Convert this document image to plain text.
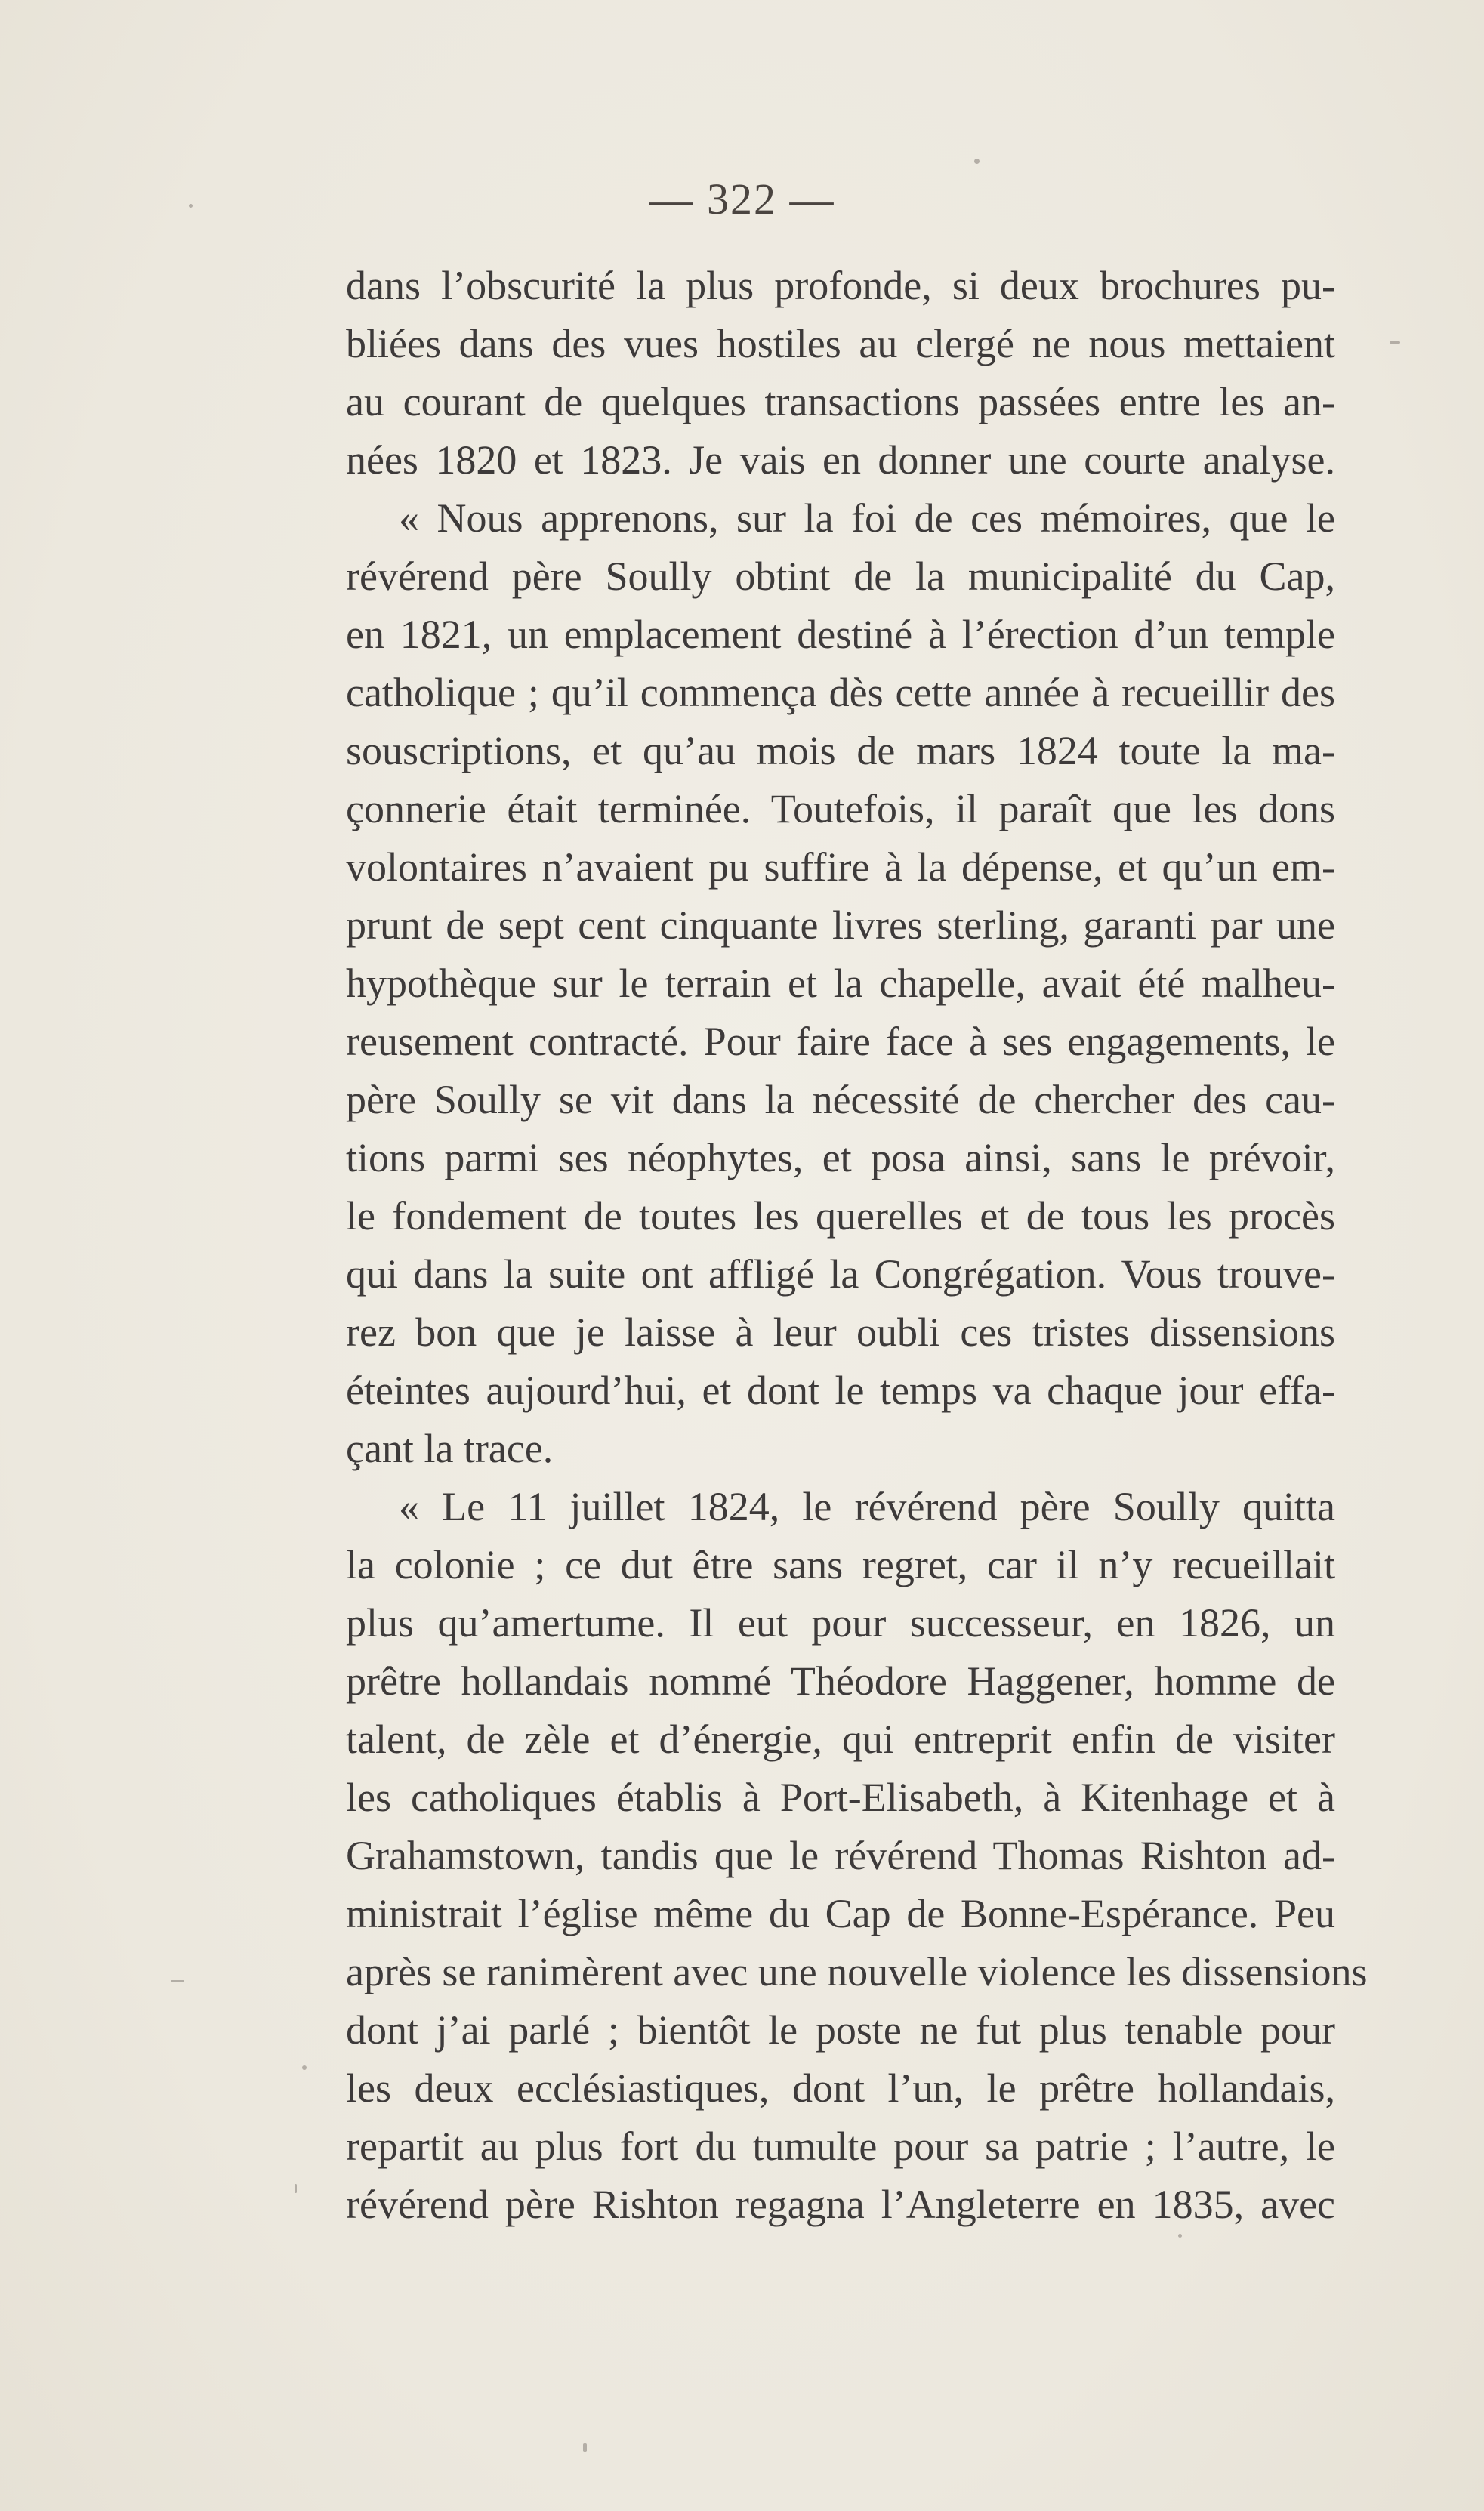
— 322 —
dans l’obscurité la plus profonde, si deux brochures pu-
bliées dans des vues hostiles au clergé ne nous mettaient
au courant de quelques transactions passées entre les an-
nées 1820 et 1823. Je vais en donner une courte analyse.
« Nous apprenons, sur la foi de ces mémoires, que le
révérend père Soully obtint de la municipalité du Cap,
en 1821, un emplacement destiné à l’érection d’un temple
catholique ; qu’il commença dès cette année à recueillir des
souscriptions, et qu’au mois de mars 1824 toute la ma-
çonnerie était terminée. Toutefois, il paraît que les dons
volontaires n’avaient pu suffire à la dépense, et qu’un em-
prunt de sept cent cinquante livres sterling, garanti par une
hypothèque sur le terrain et la chapelle, avait été malheu-
reusement contracté. Pour faire face à ses engagements, le
père Soully se vit dans la nécessité de chercher des cau-
tions parmi ses néophytes, et posa ainsi, sans le prévoir,
le fondement de toutes les querelles et de tous les procès
qui dans la suite ont affligé la Congrégation. Vous trouve-
rez bon que je laisse à leur oubli ces tristes dissensions
éteintes aujourd’hui, et dont le temps va chaque jour effa-
çant la trace.
« Le 11 juillet 1824, le révérend père Soully quitta
la colonie ; ce dut être sans regret, car il n’y recueillait
plus qu’amertume. Il eut pour successeur, en 1826, un
prêtre hollandais nommé Théodore Haggener, homme de
talent, de zèle et d’énergie, qui entreprit enfin de visiter
les catholiques établis à Port-Elisabeth, à Kitenhage et à
Grahamstown, tandis que le révérend Thomas Rishton ad-
ministrait l’église même du Cap de Bonne-Espérance. Peu
après se ranimèrent avec une nouvelle violence les dissensions
dont j’ai parlé ; bientôt le poste ne fut plus tenable pour
les deux ecclésiastiques, dont l’un, le prêtre hollandais,
repartit au plus fort du tumulte pour sa patrie ; l’autre, le
révérend père Rishton regagna l’Angleterre en 1835, avec
